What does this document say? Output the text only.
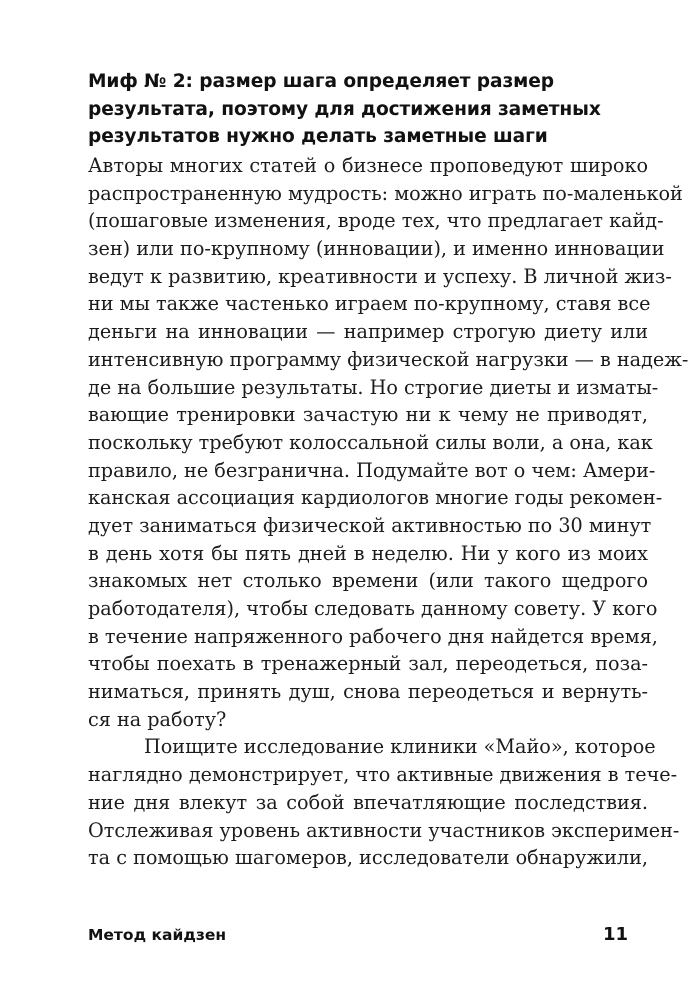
Миф № 2: размер шага определяет размер
результата, поэтому для достижения заметных
результатов нужно делать заметные шаги
Авторы многих статей о бизнесе проповедуют широко
распространенную мудрость: можно играть по-маленькой
(пошаговые изменения, вроде тех, что предлагает кайд-
зен) или по-крупному (инновации), и именно инновации
ведут к развитию, креативности и успеху. В личной жиз-
ни мы также частенько играем по-крупному, ставя все
деньги на инновации — например строгую диету или
интенсивную программу физической нагрузки — в надеж-
де на большие результаты. Но строгие диеты и изматы-
вающие тренировки зачастую ни к чему не приводят,
поскольку требуют колоссальной силы воли, а она, как
правило, не безгранична. Подумайте вот о чем: Амери-
канская ассоциация кардиологов многие годы рекомен-
дует заниматься физической активностью по 30 минут
в день хотя бы пять дней в неделю. Ни у кого из моих
знакомых нет столько времени (или такого щедрого
работодателя), чтобы следовать данному совету. У кого
в течение напряженного рабочего дня найдется время,
чтобы поехать в тренажерный зал, переодеться, поза-
ниматься, принять душ, снова переодеться и вернуть-
ся на работу?
Поищите исследование клиники «Майо», которое
наглядно демонстрирует, что активные движения в тече-
ние дня влекут за собой впечатляющие последствия.
Отслеживая уровень активности участников эксперимен-
та с помощью шагомеров, исследователи обнаружили,
Метод кайдзен	11
